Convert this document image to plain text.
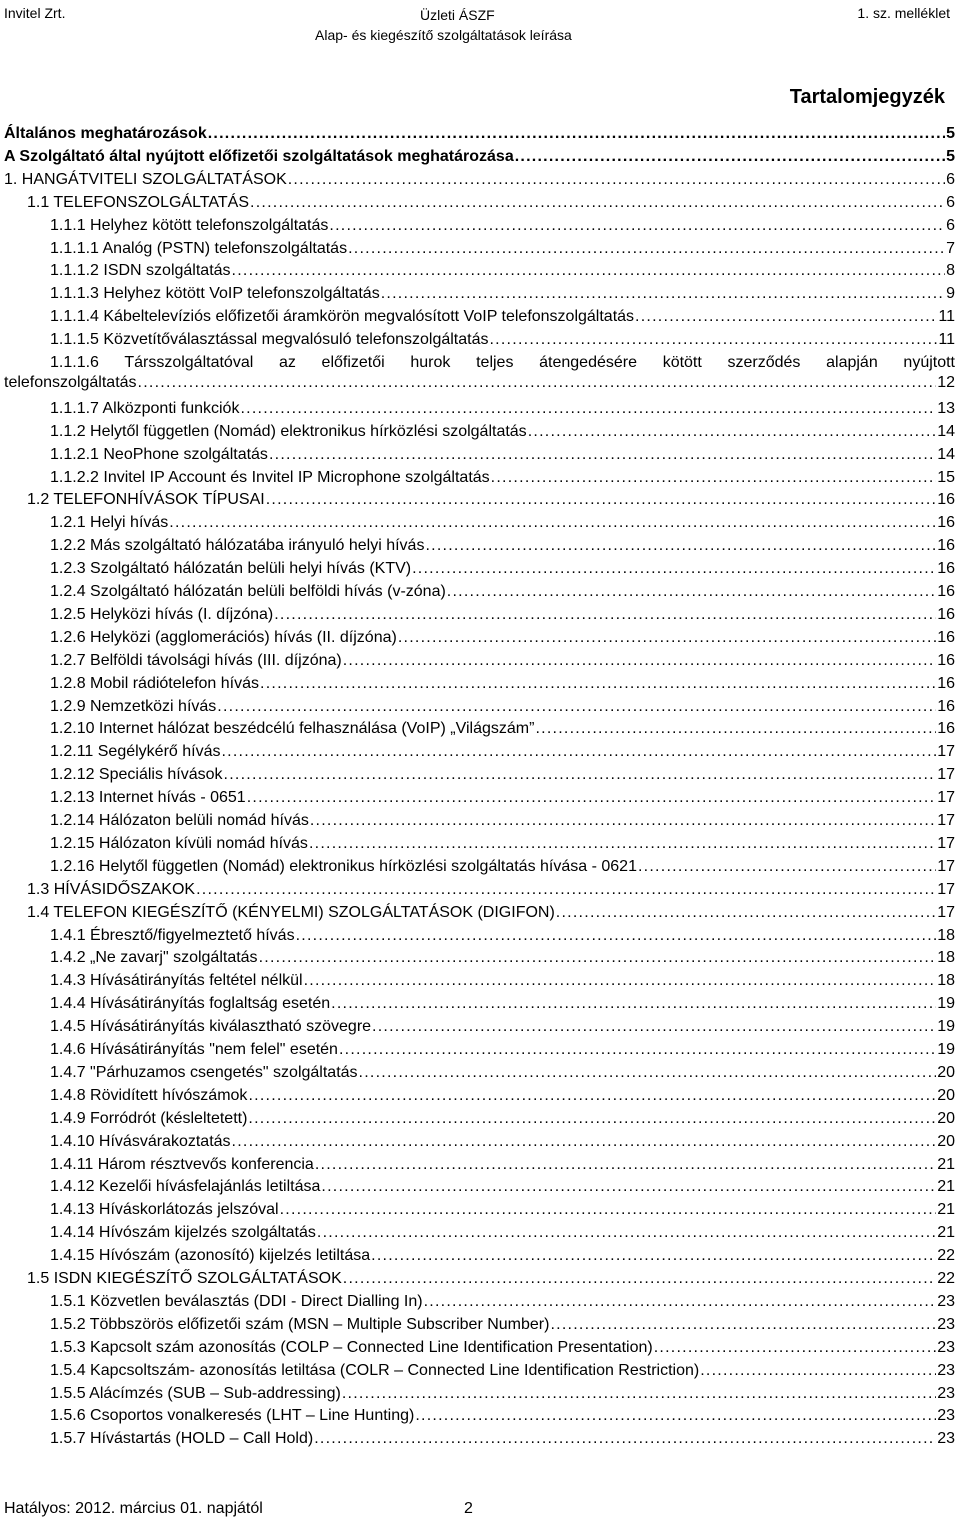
Invitel Zrt.	Üzleti ÁSZF
Alap- és kiegészítő szolgáltatások leírása
1. sz. melléklet
Tartalomjegyzék
Általános meghatározások . . .	5
A Szolgáltató által nyújtott előfizetői szolgáltatások meghatározása . . .	5
1. HANGÁTVITELI SZOLGÁLTATÁSOK . . .	6
1.1 TELEFONSZOLGÁLTATÁS . . .	6
1.1.1 Helyhez kötött telefonszolgáltatás . . .	6
1.1.1.1 Analóg (PSTN) telefonszolgáltatás . . .	7
1.1.1.2 ISDN szolgáltatás . . .	8
1.1.1.3 Helyhez kötött VoIP telefonszolgáltatás . . .	9
1.1.1.4 Kábeltelevíziós előfizetői áramkörön megvalósított VoIP telefonszolgáltatás . . .	11
1.1.1.5 Közvetítőválasztással megvalósuló telefonszolgáltatás . . .	11
1.1.1.6 Társszolgáltatóval az előfizetői hurok teljes átengedésére kötött szerződés alapján nyújtott
telefonszolgáltatás . . .	12
1.1.1.7 Alközponti funkciók . . .	13
1.1.2 Helytől független (Nomád) elektronikus hírközlési szolgáltatás . . .	14
1.1.2.1 NeoPhone szolgáltatás . . .	14
1.1.2.2 Invitel IP Account és Invitel IP Microphone szolgáltatás . . .	15
1.2 TELEFONHÍVÁSOK TÍPUSAI . . .	16
1.2.1 Helyi hívás . . .	16
1.2.2 Más szolgáltató hálózatába irányuló helyi hívás . . .	16
1.2.3 Szolgáltató hálózatán belüli helyi hívás (KTV) . . .	16
1.2.4 Szolgáltató hálózatán belüli belföldi hívás (v-zóna) . . .	16
1.2.5 Helyközi hívás (I. díjzóna) . . .	16
1.2.6 Helyközi (agglomerációs) hívás (II. díjzóna) . . .	16
1.2.7 Belföldi távolsági hívás (III. díjzóna) . . .	16
1.2.8 Mobil rádiótelefon hívás . . .	16
1.2.9 Nemzetközi hívás . . .	16
1.2.10 Internet hálózat beszédcélú felhasználása (VoIP) „Világszám” . . .	16
1.2.11 Segélykérő hívás . . .	17
1.2.12 Speciális hívások . . .	17
1.2.13 Internet hívás - 0651 . . .	17
1.2.14 Hálózaton belüli nomád hívás . . .	17
1.2.15 Hálózaton kívüli nomád hívás . . .	17
1.2.16 Helytől független (Nomád) elektronikus hírközlési szolgáltatás hívása - 0621 . . .	17
1.3 HÍVÁSIDŐSZAKOK . . .	17
1.4 TELEFON KIEGÉSZÍTŐ (KÉNYELMI) SZOLGÁLTATÁSOK (DIGIFON) . . .	17
1.4.1 Ébresztő/figyelmeztető hívás . . .	18
1.4.2 „Ne zavarj" szolgáltatás . . .	18
1.4.3 Hívásátirányítás feltétel nélkül . . .	18
1.4.4 Hívásátirányítás foglaltság esetén . . .	19
1.4.5 Hívásátirányítás kiválasztható szövegre . . .	19
1.4.6 Hívásátirányítás "nem felel" esetén . . .	19
1.4.7 "Párhuzamos csengetés" szolgáltatás . . .	20
1.4.8 Rövidített hívószámok . . .	20
1.4.9 Forródrót (késleltetett) . . .	20
1.4.10 Hívásvárakoztatás . . .	20
1.4.11 Három résztvevős konferencia . . .	21
1.4.12 Kezelői hívásfelajánlás letiltása . . .	21
1.4.13 Híváskorlátozás jelszóval . . .	21
1.4.14 Hívószám kijelzés szolgáltatás . . .	21
1.4.15 Hívószám (azonosító) kijelzés letiltása . . .	22
1.5 ISDN KIEGÉSZÍTŐ SZOLGÁLTATÁSOK . . .	22
1.5.1 Közvetlen beválasztás (DDI - Direct Dialling In) . . .	23
1.5.2 Többszörös előfizetői szám (MSN – Multiple Subscriber Number) . . .	23
1.5.3 Kapcsolt szám azonosítás (COLP – Connected Line Identification Presentation) . . .	23
1.5.4 Kapcsoltszám- azonosítás letiltása (COLR – Connected Line Identification Restriction) . . .	23
1.5.5 Alácímzés (SUB – Sub-addressing) . . .	23
1.5.6 Csoportos vonalkeresés (LHT – Line Hunting) . . .	23
1.5.7 Hívástartás (HOLD – Call Hold) . . .	23
Hatályos: 2012. március 01. napjától	2
